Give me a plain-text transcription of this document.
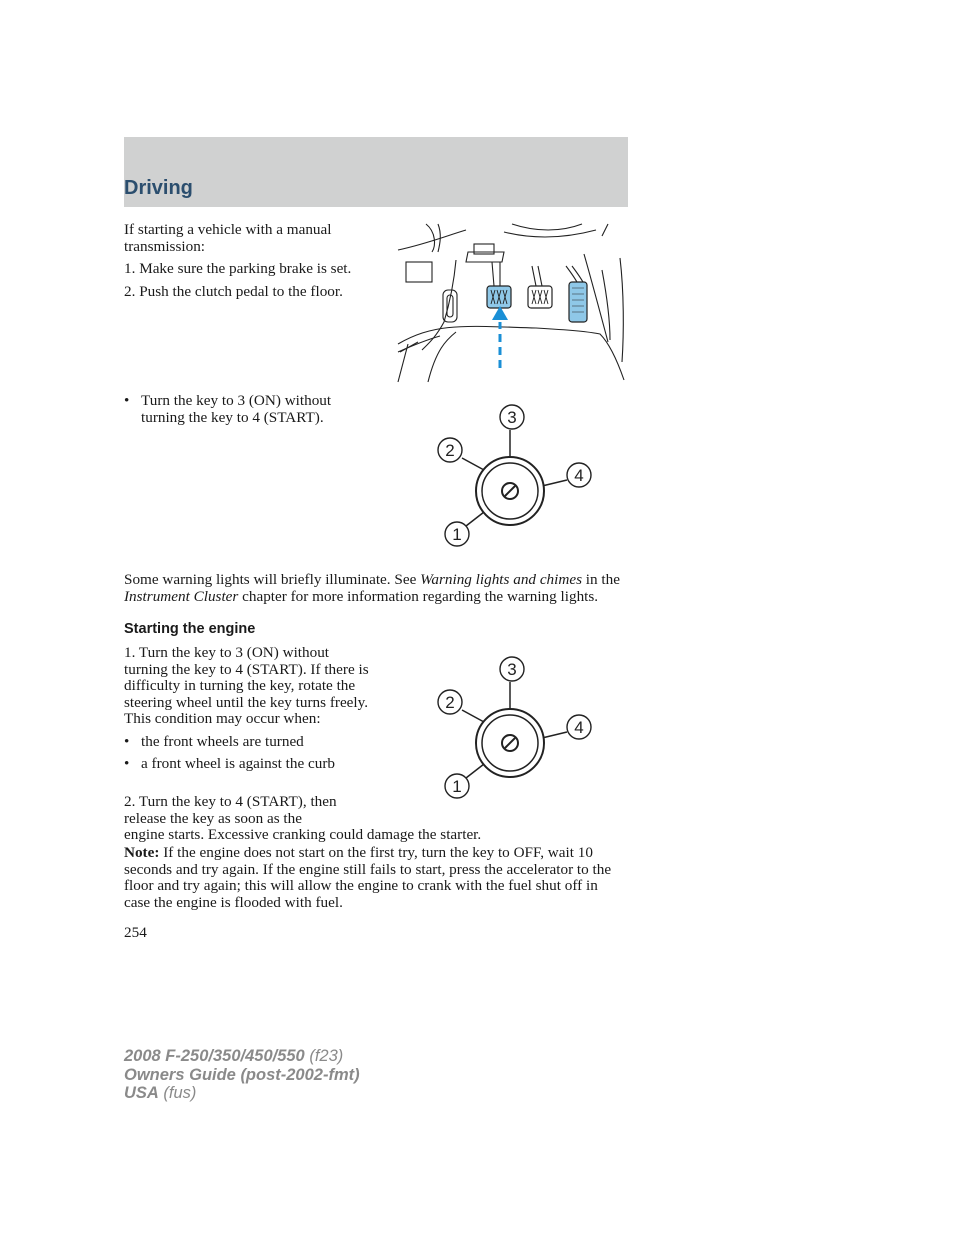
Driving

If starting a vehicle with a manual transmission:

1. Make sure the parking brake is set.

2. Push the clutch pedal to the floor.

• Turn the key to 3 (ON) without turning the key to 4 (START).	3
2
4
1
Some warning lights will briefly illuminate. See Warning lights and chimes in the Instrument Cluster chapter for more information regarding the warning lights.
Starting the engine

1. Turn the key to 3 (ON) without turning the key to 4 (START). If there is difficulty in turning the key, rotate the steering wheel until the key turns freely. This condition may occur when:

• the front wheels are turned

• a front wheel is against the curb

2. Turn the key to 4 (START), then

release the key as soon as the

engine starts. Excessive cranking could damage the starter.

3
2
4
1
Note: If the engine does not start on the first try, turn the key to OFF, wait 10 seconds and try again. If the engine still fails to start, press the accelerator to the floor and try again; this will allow the engine to crank with the fuel shut off in case the engine is flooded with fuel.
254
2008 F-250/350/450/550 (f23)
Owners Guide (post-2002-fmt)
USA (fus)
